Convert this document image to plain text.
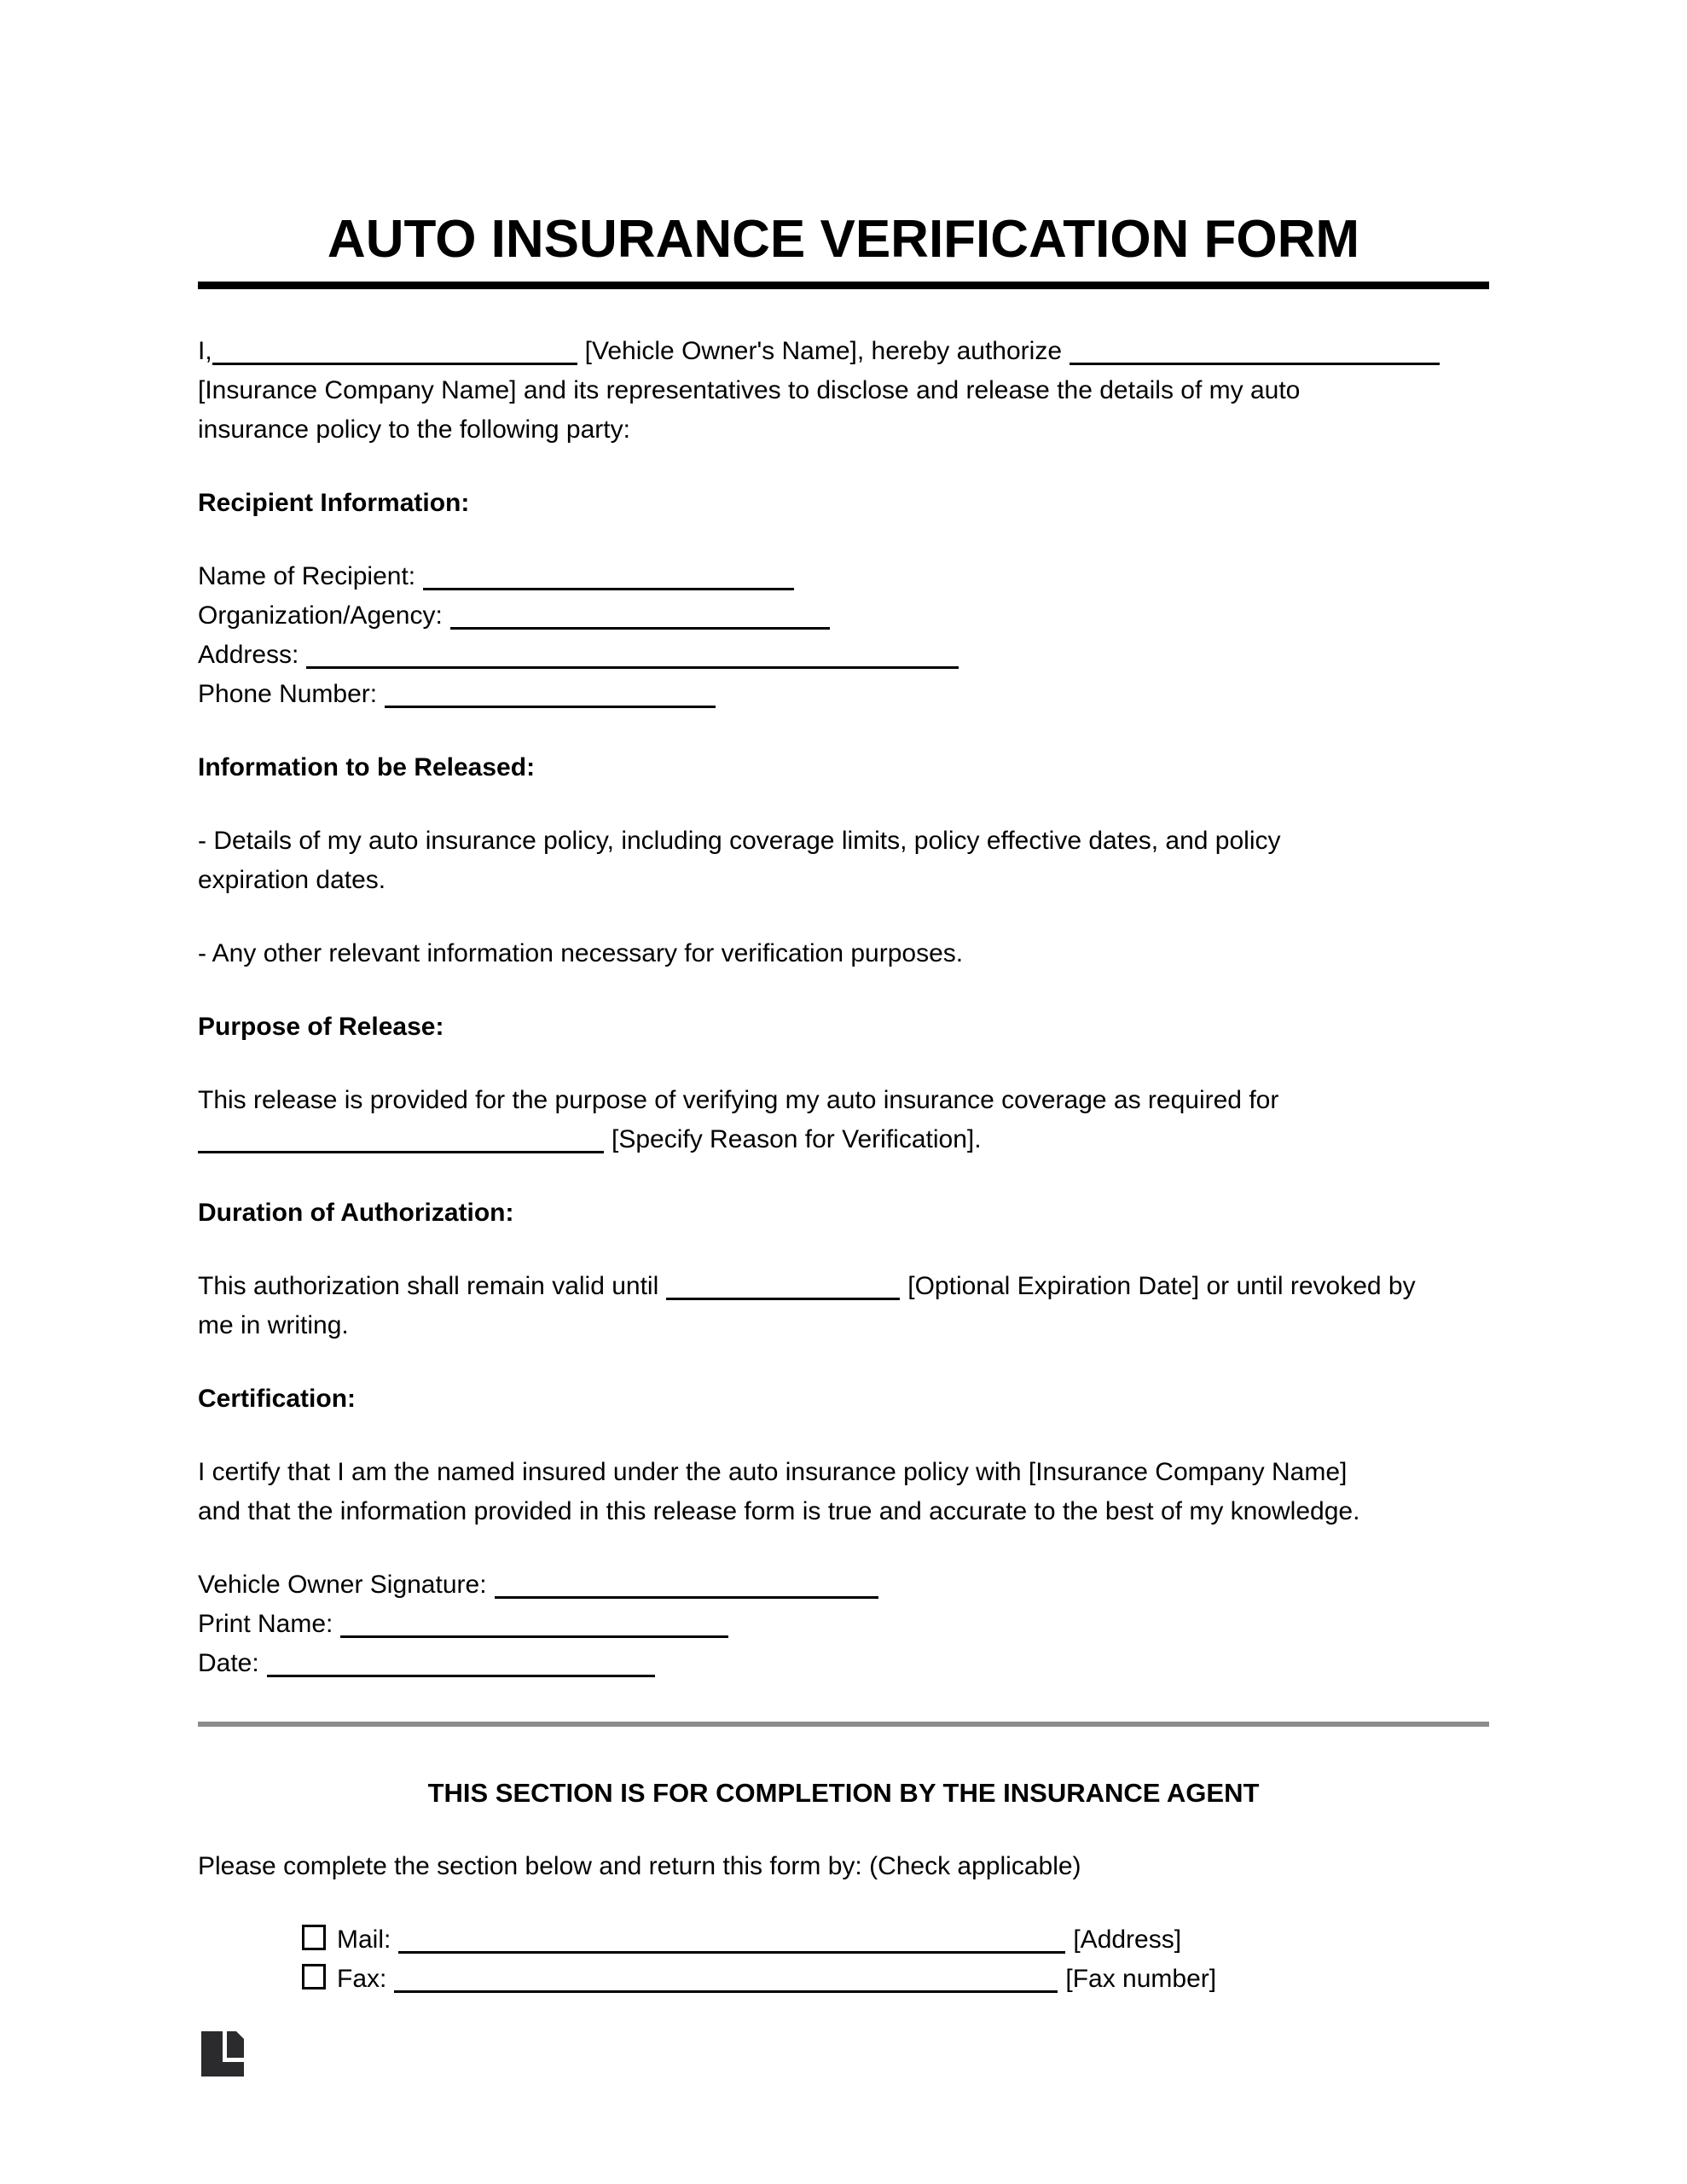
AUTO INSURANCE VERIFICATION FORM
I,	[Vehicle Owner's Name], hereby authorize
[Insurance Company Name] and its representatives to disclose and release the details of my auto
insurance policy to the following party:
Recipient Information:
Name of Recipient:
Organization/Agency:
Address:
Phone Number:
Information to be Released:
- Details of my auto insurance policy, including coverage limits, policy effective dates, and policy
expiration dates.
- Any other relevant information necessary for verification purposes.
Purpose of Release:
This release is provided for the purpose of verifying my auto insurance coverage as required for
[Specify Reason for Verification].
Duration of Authorization:
This authorization shall remain valid until	[Optional Expiration Date] or until revoked by
me in writing.
Certification:
I certify that I am the named insured under the auto insurance policy with [Insurance Company Name]
and that the information provided in this release form is true and accurate to the best of my knowledge.
Vehicle Owner Signature:
Print Name:
Date:
THIS SECTION IS FOR COMPLETION BY THE INSURANCE AGENT
Please complete the section below and return this form by: (Check applicable)
Mail:	[Address]
Fax:	[Fax number]
